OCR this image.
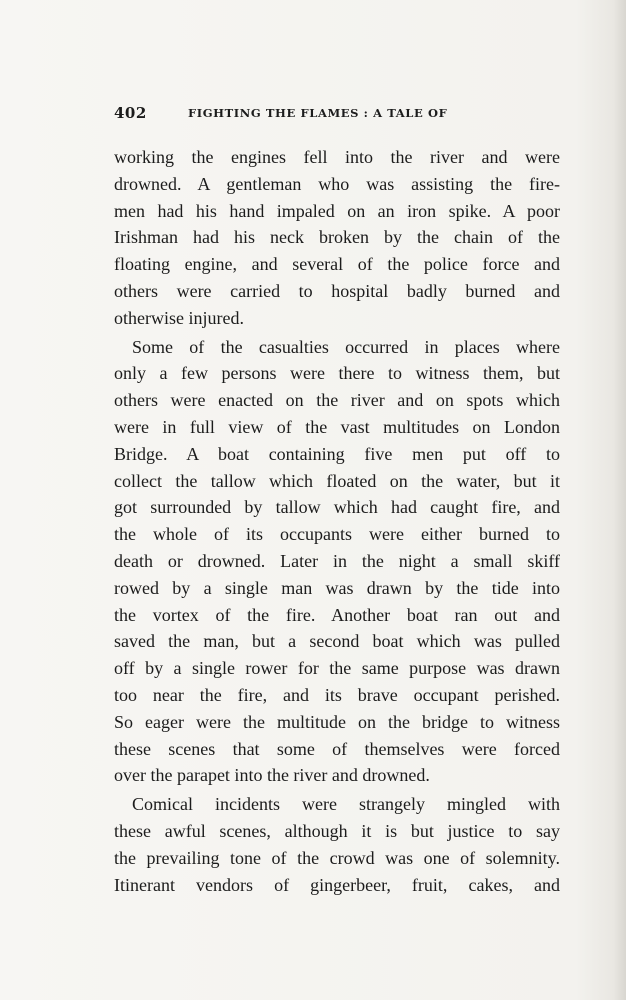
402	FIGHTING THE FLAMES : A TALE OF
working the engines fell into the river and were
drowned. A gentleman who was assisting the fire-
men had his hand impaled on an iron spike. A poor
Irishman had his neck broken by the chain of the
floating engine, and several of the police force and
others were carried to hospital badly burned and
otherwise injured.
Some of the casualties occurred in places where
only a few persons were there to witness them, but
others were enacted on the river and on spots which
were in full view of the vast multitudes on London
Bridge. A boat containing five men put off to
collect the tallow which floated on the water, but it
got surrounded by tallow which had caught fire, and
the whole of its occupants were either burned to
death or drowned. Later in the night a small skiff
rowed by a single man was drawn by the tide into
the vortex of the fire. Another boat ran out and
saved the man, but a second boat which was pulled
off by a single rower for the same purpose was drawn
too near the fire, and its brave occupant perished.
So eager were the multitude on the bridge to witness
these scenes that some of themselves were forced
over the parapet into the river and drowned.
Comical incidents were strangely mingled with
these awful scenes, although it is but justice to say
the prevailing tone of the crowd was one of solemnity.
Itinerant vendors of gingerbeer, fruit, cakes, and
